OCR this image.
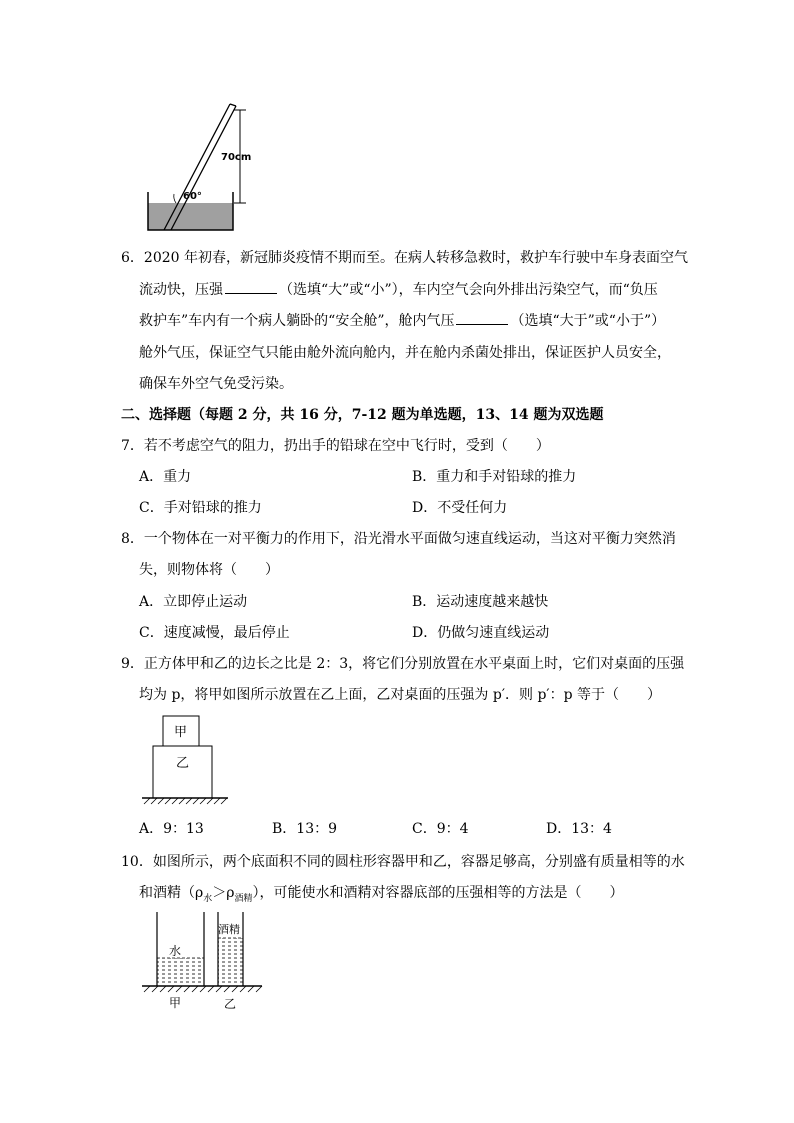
70cm
60°
6．2020 年初春，新冠肺炎疫情不期而至。在病人转移急救时，救护车行驶中车身表面空气
流动快，压强	（选填“大”或“小”），车内空气会向外排出污染空气，而“负压
救护车”车内有一个病人躺卧的“安全舱”，舱内气压	（选填“大于”或“小于”）
舱外气压，保证空气只能由舱外流向舱内，并在舱内杀菌处排出，保证医护人员安全，
确保车外空气免受污染。
二、选择题（每题 2 分，共 16 分，7-12 题为单选题，13、14 题为双选题
7．若不考虑空气的阻力，扔出手的铅球在空中飞行时，受到（　　）
A．重力	B．重力和手对铅球的推力
C．手对铅球的推力	D．不受任何力
8．一个物体在一对平衡力的作用下，沿光滑水平面做匀速直线运动，当这对平衡力突然消
失，则物体将（　　）
A．立即停止运动	B．运动速度越来越快
C．速度减慢，最后停止	D．仍做匀速直线运动
9．正方体甲和乙的边长之比是 2：3，将它们分别放置在水平桌面上时，它们对桌面的压强
均为 p，将甲如图所示放置在乙上面，乙对桌面的压强为 p′．则 p′：p 等于（　　）
甲
乙
A．9：13	B．13：9	C．9：4	D．13：4
10．如图所示，两个底面积不同的圆柱形容器甲和乙，容器足够高，分别盛有质量相等的水
和酒精$(\rho_水>\rho_{酒精})$，可能使水和酒精对容器底部的压强相等的方法是（　　）
水
酒精
甲	乙
